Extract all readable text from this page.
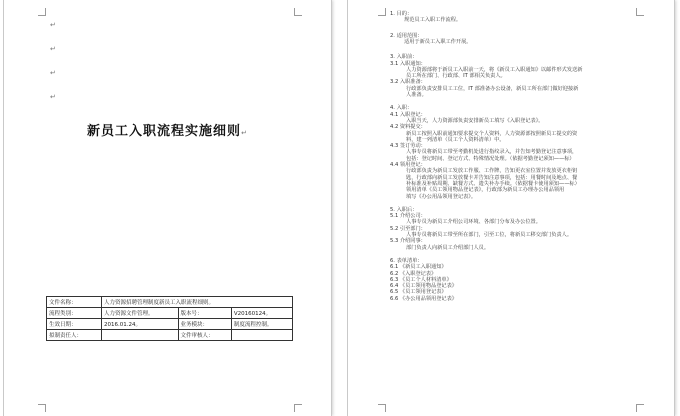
↵
↵
↵
↵
新员工入职流程实施细则↵
文件名称：	人力资源招聘管理制度新员工入职流程细则。		
流程类别：	人力资源文件管理。	版本号：	V20160124。
生效日期：	2016.01.24。	业务模块：	制度流程控制。
拟制责任人：		文件审核人：	
1. 目的：
规范员工入职工作流程。
2. 适用范围：
适用于新员工入职工作开展。
3. 入职前：
3.1 入职通知：
人力资源部将于新员工入职前一天，将《新员工入职通知》以邮件形式发送新
员工所在部门、行政部、IT 部相关负责人。
3.2 入职准备：
行政部负责安排员工工位，IT 部准备办公设备，新员工所在部门做好迎接新
人准备。
4. 入职：
4.1 入职登记：
入职当天，人力资源部负责安排新员工填写《入职登记表》。
4.2 资料提交：
新员工按照入职前通知要求提交个人资料，人力资源部按照新员工提交的资
料，建一列清单（员工个人资料清单）中。
4.3 签订劳动：
人事专员将新员工带至考勤机处进行指纹录入，并告知考勤登记注意事项，
包括：登记时间、登记方式、特殊情况处理。（依据考勤登记须知——标）
4.4 领用登记：
行政部负责为新员工发放工作服、工作牌，告知更衣室位置并发放更衣柜钥
匙，行政部向新员工发放餐卡并告知注意事项，包括：用餐时间及地点、餐
补标准及补贴周期、缺餐方式、遗失补办手续。（依据餐卡使用须知——标）
领用清单《员工领用物品登记表》，行政部为新员工办理办公用品领用
填写《办公用品领用登记表》。
5. 入职后：
5.1 介绍公司：
人事专员为新员工介绍公司环境、各部门分布及办公位置。
5.2 引至部门：
人事专员将新员工带至所在部门，引至工位，将新员工移交部门负责人。
5.3 介绍同事：
部门负责人向新员工介绍部门人员。
6. 表单清单：
6.1 《新员工入职通知》
6.2 《入职登记表》
6.3 《员工个人材料清单》
6.4 《员工领用物品登记表》
6.5 《员工领用登记表》
6.6 《办公用品领用登记表》
